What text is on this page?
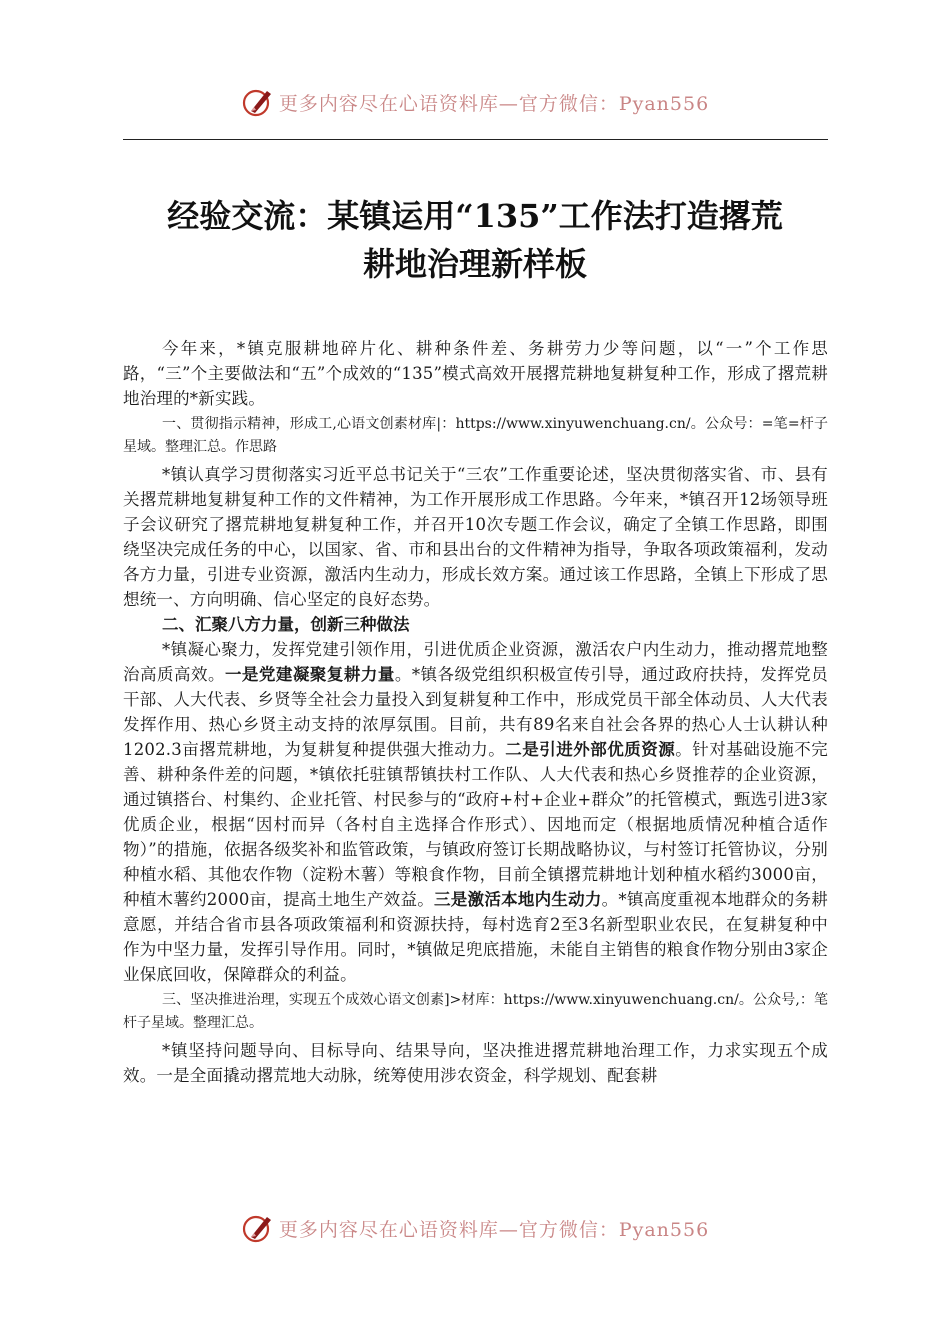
更多内容尽在心语资料库—官方微信：Pyan556
经验交流：某镇运用“135”工作法打造撂荒
耕地治理新样板

今年来，*镇克服耕地碎片化、耕种条件差、务耕劳力少等问题，以“一”个工作思路，“三”个主要做法和“五”个成效的“135”模式高效开展撂荒耕地复耕复种工作，形成了撂荒耕地治理的*新实践。

一、贯彻指示精神，形成工,心语文创素材库|：https://www.xinyuwenchuang.cn/。公众号：=笔=杆子星域。整理汇总。作思路

*镇认真学习贯彻落实习近平总书记关于“三农”工作重要论述，坚决贯彻落实省、市、县有关撂荒耕地复耕复种工作的文件精神，为工作开展形成工作思路。今年来，*镇召开12场领导班子会议研究了撂荒耕地复耕复种工作，并召开10次专题工作会议，确定了全镇工作思路，即围绕坚决完成任务的中心，以国家、省、市和县出台的文件精神为指导，争取各项政策福利，发动各方力量，引进专业资源，激活内生动力，形成长效方案。通过该工作思路，全镇上下形成了思想统一、方向明确、信心坚定的良好态势。

二、汇聚八方力量，创新三种做法

*镇凝心聚力，发挥党建引领作用，引进优质企业资源，激活农户内生动力，推动撂荒地整治高质高效。一是党建凝聚复耕力量。*镇各级党组织积极宣传引导，通过政府扶持，发挥党员干部、人大代表、乡贤等全社会力量投入到复耕复种工作中，形成党员干部全体动员、人大代表发挥作用、热心乡贤主动支持的浓厚氛围。目前，共有89名来自社会各界的热心人士认耕认种1202.3亩撂荒耕地，为复耕复种提供强大推动力。二是引进外部优质资源。针对基础设施不完善、耕种条件差的问题，*镇依托驻镇帮镇扶村工作队、人大代表和热心乡贤推荐的企业资源，通过镇搭台、村集约、企业托管、村民参与的“政府+村+企业+群众”的托管模式，甄选引进3家优质企业，根据“因村而异（各村自主选择合作形式）、因地而定（根据地质情况种植合适作物）”的措施，依据各级奖补和监管政策，与镇政府签订长期战略协议，与村签订托管协议，分别种植水稻、其他农作物（淀粉木薯）等粮食作物，目前全镇撂荒耕地计划种植水稻约3000亩，种植木薯约2000亩，提高土地生产效益。三是激活本地内生动力。*镇高度重视本地群众的务耕意愿，并结合省市县各项政策福利和资源扶持，每村选育2至3名新型职业农民，在复耕复种中作为中坚力量，发挥引导作用。同时，*镇做足兜底措施，未能自主销售的粮食作物分别由3家企业保底回收，保障群众的利益。

三、坚决推进治理，实现五个成效心语文创素]>材库：https://www.xinyuwenchuang.cn/。公众号,：笔杆子星域。整理汇总。

*镇坚持问题导向、目标导向、结果导向，坚决推进撂荒耕地治理工作，力求实现五个成效。一是全面撬动撂荒地大动脉，统筹使用涉农资金，科学规划、配套耕

更多内容尽在心语资料库—官方微信：Pyan556
